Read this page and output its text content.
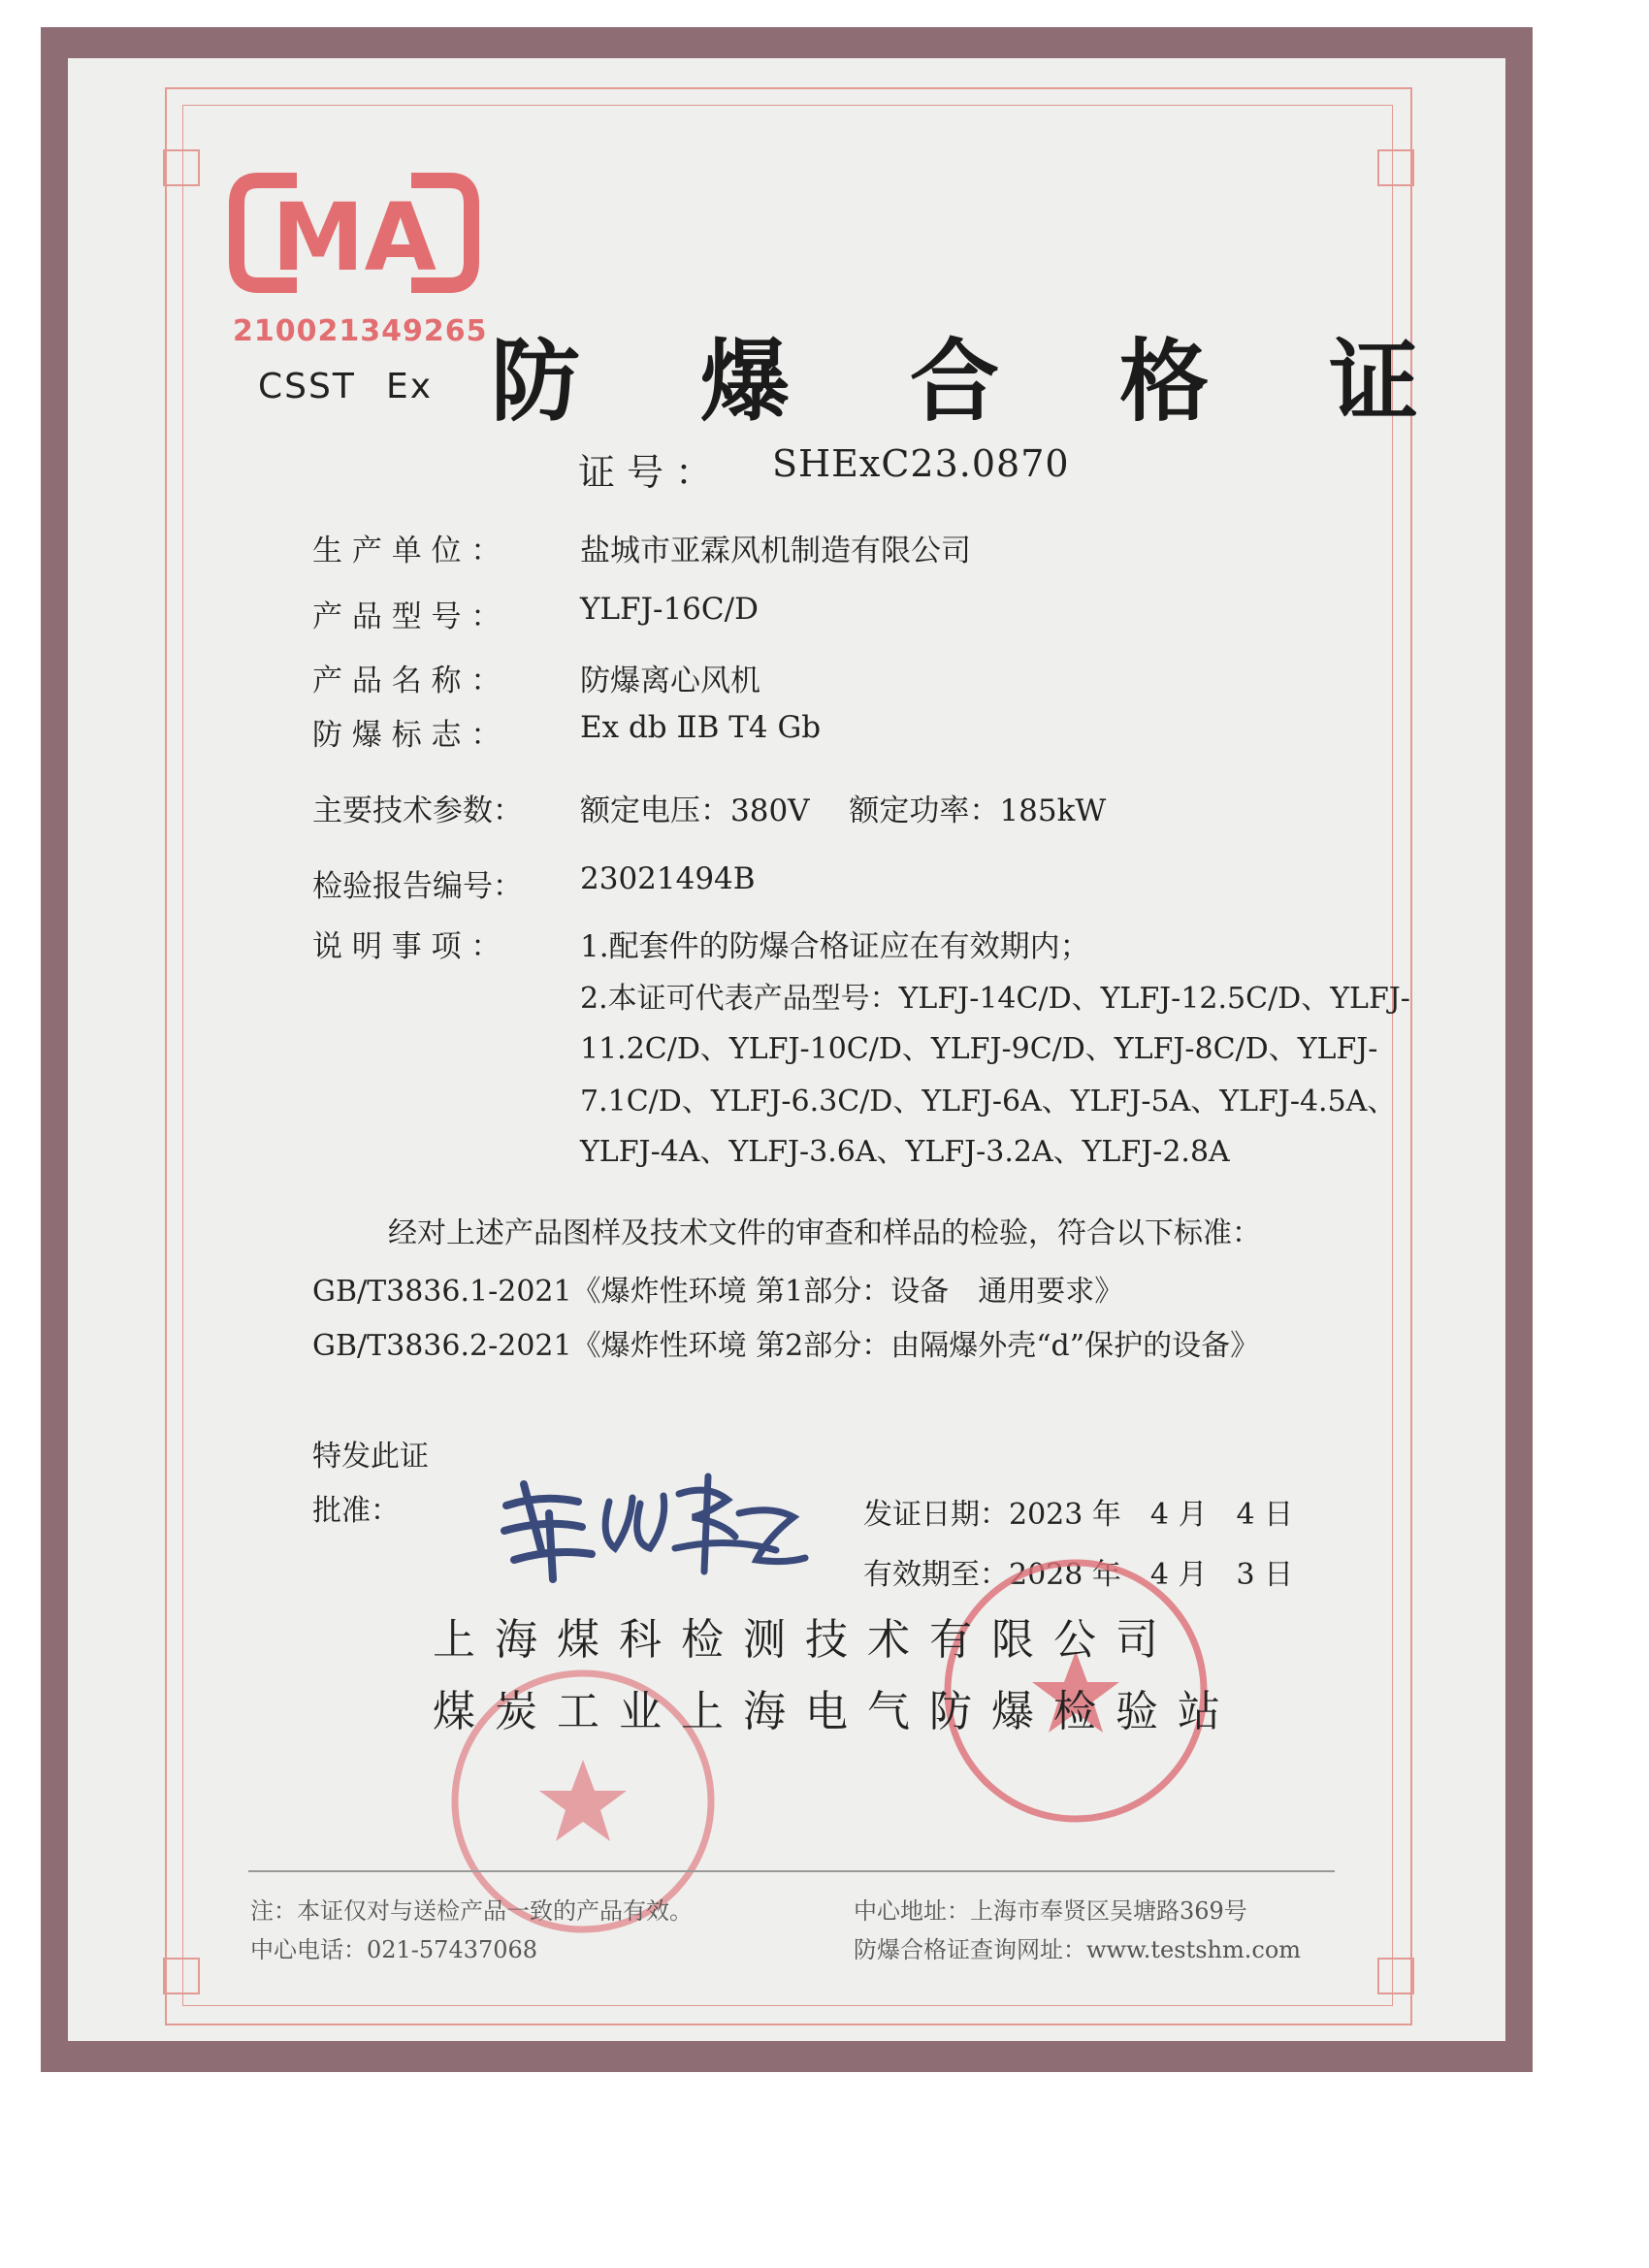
MA
210021349265
CSST Ex 防 爆 合 格 证
证 号 ： SHExC23.0870
生 产 单 位 ：	盐城市亚霖风机制造有限公司
产 品 型 号 ：	YLFJ-16C/D
产 品 名 称 ：	防爆离心风机
防 爆 标 志 ：	Ex db ⅡB T4 Gb
主要技术参数： 额定电压：380V　 额定功率：185kW
检验报告编号： 23021494B
说 明 事 项 ：	1.配套件的防爆合格证应在有效期内；
2.本证可代表产品型号：YLFJ-14C/D、YLFJ-12.5C/D、YLFJ-
11.2C/D、YLFJ-10C/D、YLFJ-9C/D、YLFJ-8C/D、YLFJ-
7.1C/D、YLFJ-6.3C/D、YLFJ-6A、YLFJ-5A、YLFJ-4.5A、
YLFJ-4A、YLFJ-3.6A、YLFJ-3.2A、YLFJ-2.8A
经对上述产品图样及技术文件的审查和样品的检验，符合以下标准：
GB/T3836.1-2021《爆炸性环境 第1部分：设备　通用要求》
GB/T3836.2-2021《爆炸性环境 第2部分：由隔爆外壳“d”保护的设备》
特发此证
批准：	发证日期：2023 年　4 月　4 日
有效期至：2028 年　4 月　3 日
上海煤科检测技术有限公司
煤炭工业上海电气防爆检验站
注：本证仅对与送检产品一致的产品有效。
中心电话：021-57437068
中心地址：上海市奉贤区吴塘路369号
防爆合格证查询网址：www.testshm.com
